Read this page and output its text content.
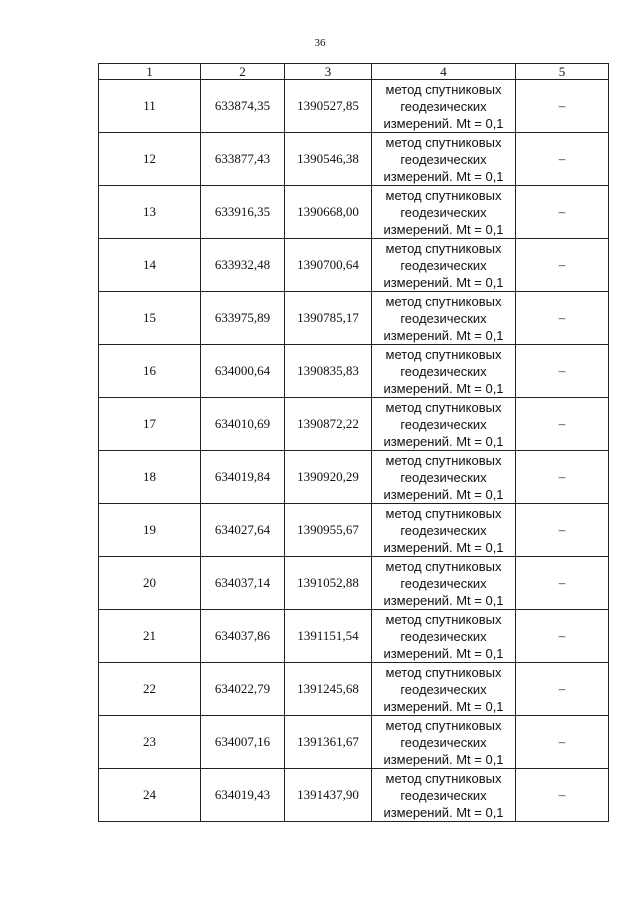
36
1	2	3	4	5
11	633874,35	1390527,85	метод спутниковых
геодезических
измерений. Mt = 0,1	–
12	633877,43	1390546,38	метод спутниковых
геодезических
измерений. Mt = 0,1	–
13	633916,35	1390668,00	метод спутниковых
геодезических
измерений. Mt = 0,1	–
14	633932,48	1390700,64	метод спутниковых
геодезических
измерений. Mt = 0,1	–
15	633975,89	1390785,17	метод спутниковых
геодезических
измерений. Mt = 0,1	–
16	634000,64	1390835,83	метод спутниковых
геодезических
измерений. Mt = 0,1	–
17	634010,69	1390872,22	метод спутниковых
геодезических
измерений. Mt = 0,1	–
18	634019,84	1390920,29	метод спутниковых
геодезических
измерений. Mt = 0,1	–
19	634027,64	1390955,67	метод спутниковых
геодезических
измерений. Mt = 0,1	–
20	634037,14	1391052,88	метод спутниковых
геодезических
измерений. Mt = 0,1	–
21	634037,86	1391151,54	метод спутниковых
геодезических
измерений. Mt = 0,1	–
22	634022,79	1391245,68	метод спутниковых
геодезических
измерений. Mt = 0,1	–
23	634007,16	1391361,67	метод спутниковых
геодезических
измерений. Mt = 0,1	–
24	634019,43	1391437,90	метод спутниковых
геодезических
измерений. Mt = 0,1	–
